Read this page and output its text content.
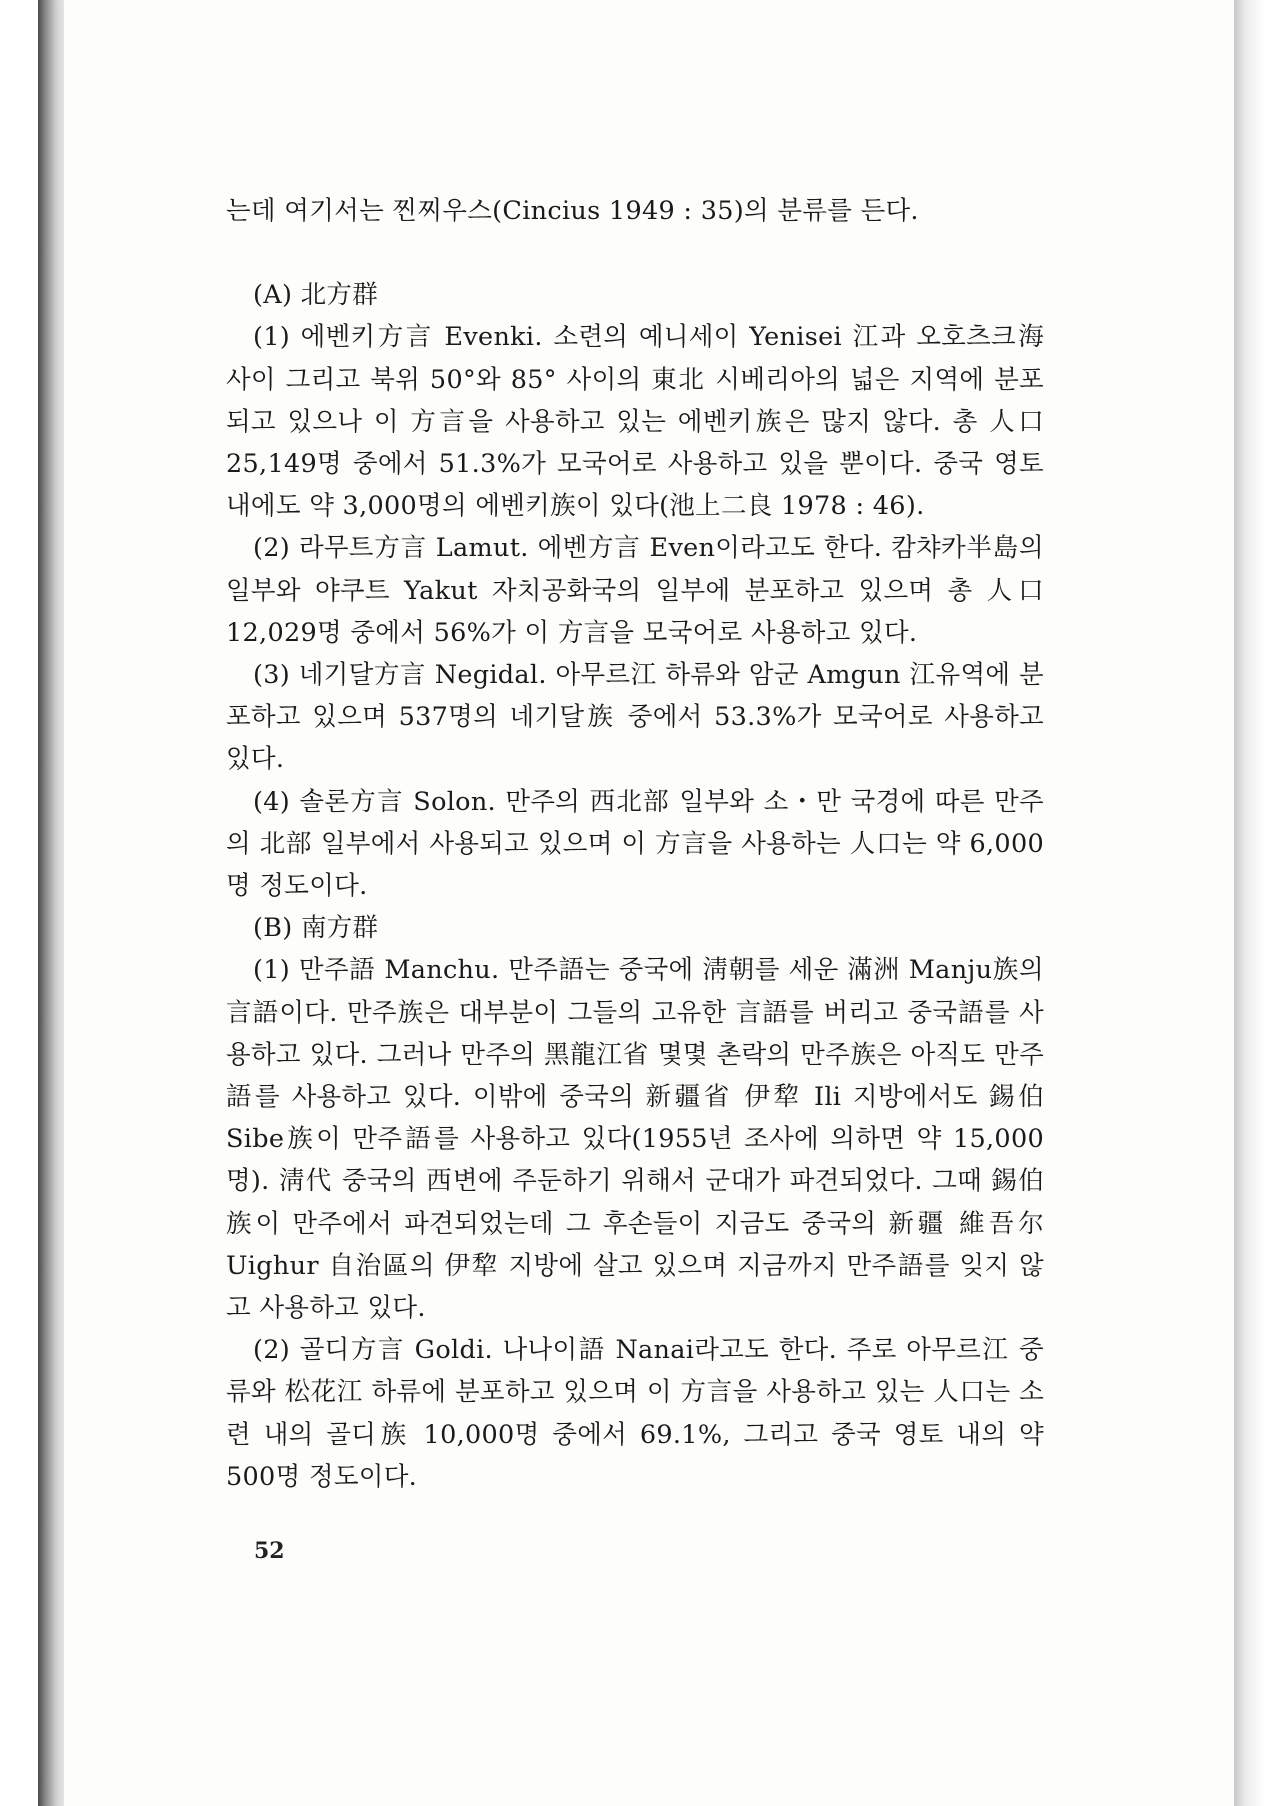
는데 여기서는 찐찌우스(Cincius 1949 : 35)의 분류를 든다.

(A) 北方群

(1) 에벤키方言 Evenki. 소련의 예니세이 Yenisei 江과 오호츠크海 사이 그리고 북위 50°와 85° 사이의 東北 시베리아의 넓은 지역에 분포되고 있으나 이 方言을 사용하고 있는 에벤키族은 많지 않다. 총 人口 25,149명 중에서 51.3%가 모국어로 사용하고 있을 뿐이다. 중국 영토내에도 약 3,000명의 에벤키族이 있다(池上二良 1978 : 46).

(2) 라무트方言 Lamut. 에벤方言 Even이라고도 한다. 캄챠카半島의 일부와 야쿠트 Yakut 자치공화국의 일부에 분포하고 있으며 총 人口 12,029명 중에서 56%가 이 方言을 모국어로 사용하고 있다.

(3) 네기달方言 Negidal. 아무르江 하류와 암군 Amgun 江유역에 분포하고 있으며 537명의 네기달族 중에서 53.3%가 모국어로 사용하고 있다.

(4) 솔론方言 Solon. 만주의 西北部 일부와 소・만 국경에 따른 만주의 北部 일부에서 사용되고 있으며 이 方言을 사용하는 人口는 약 6,000명 정도이다.

(B) 南方群

(1) 만주語 Manchu. 만주語는 중국에 淸朝를 세운 滿洲 Manju族의 言語이다. 만주族은 대부분이 그들의 고유한 言語를 버리고 중국語를 사용하고 있다. 그러나 만주의 黑龍江省 몇몇 촌락의 만주族은 아직도 만주語를 사용하고 있다. 이밖에 중국의 新疆省 伊犂 Ili 지방에서도 錫伯 Sibe族이 만주語를 사용하고 있다(1955년 조사에 의하면 약 15,000명). 淸代 중국의 西변에 주둔하기 위해서 군대가 파견되었다. 그때 錫伯族이 만주에서 파견되었는데 그 후손들이 지금도 중국의 新疆 維吾尔 Uighur 自治區의 伊犂 지방에 살고 있으며 지금까지 만주語를 잊지 않고 사용하고 있다.

(2) 골디方言 Goldi. 나나이語 Nanai라고도 한다. 주로 아무르江 중류와 松花江 하류에 분포하고 있으며 이 方言을 사용하고 있는 人口는 소련 내의 골디族 10,000명 중에서 69.1%, 그리고 중국 영토 내의 약 500명 정도이다.

52
